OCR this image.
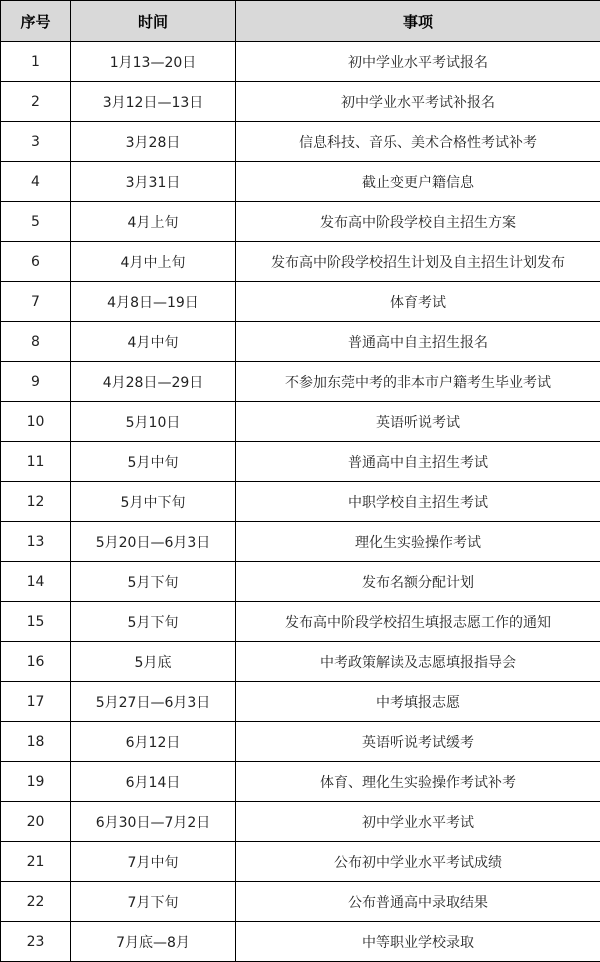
序号	时间	事项
1	1月13—20日	初中学业水平考试报名
2	3月12日—13日	初中学业水平考试补报名
3	3月28日	信息科技、音乐、美术合格性考试补考
4	3月31日	截止变更户籍信息
5	4月上旬	发布高中阶段学校自主招生方案
6	4月中上旬	发布高中阶段学校招生计划及自主招生计划发布
7	4月8日—19日	体育考试
8	4月中旬	普通高中自主招生报名
9	4月28日—29日	不参加东莞中考的非本市户籍考生毕业考试
10	5月10日	英语听说考试
11	5月中旬	普通高中自主招生考试
12	5月中下旬	中职学校自主招生考试
13	5月20日—6月3日	理化生实验操作考试
14	5月下旬	发布名额分配计划
15	5月下旬	发布高中阶段学校招生填报志愿工作的通知
16	5月底	中考政策解读及志愿填报指导会
17	5月27日—6月3日	中考填报志愿
18	6月12日	英语听说考试缓考
19	6月14日	体育、理化生实验操作考试补考
20	6月30日—7月2日	初中学业水平考试
21	7月中旬	公布初中学业水平考试成绩
22	7月下旬	公布普通高中录取结果
23	7月底—8月	中等职业学校录取
